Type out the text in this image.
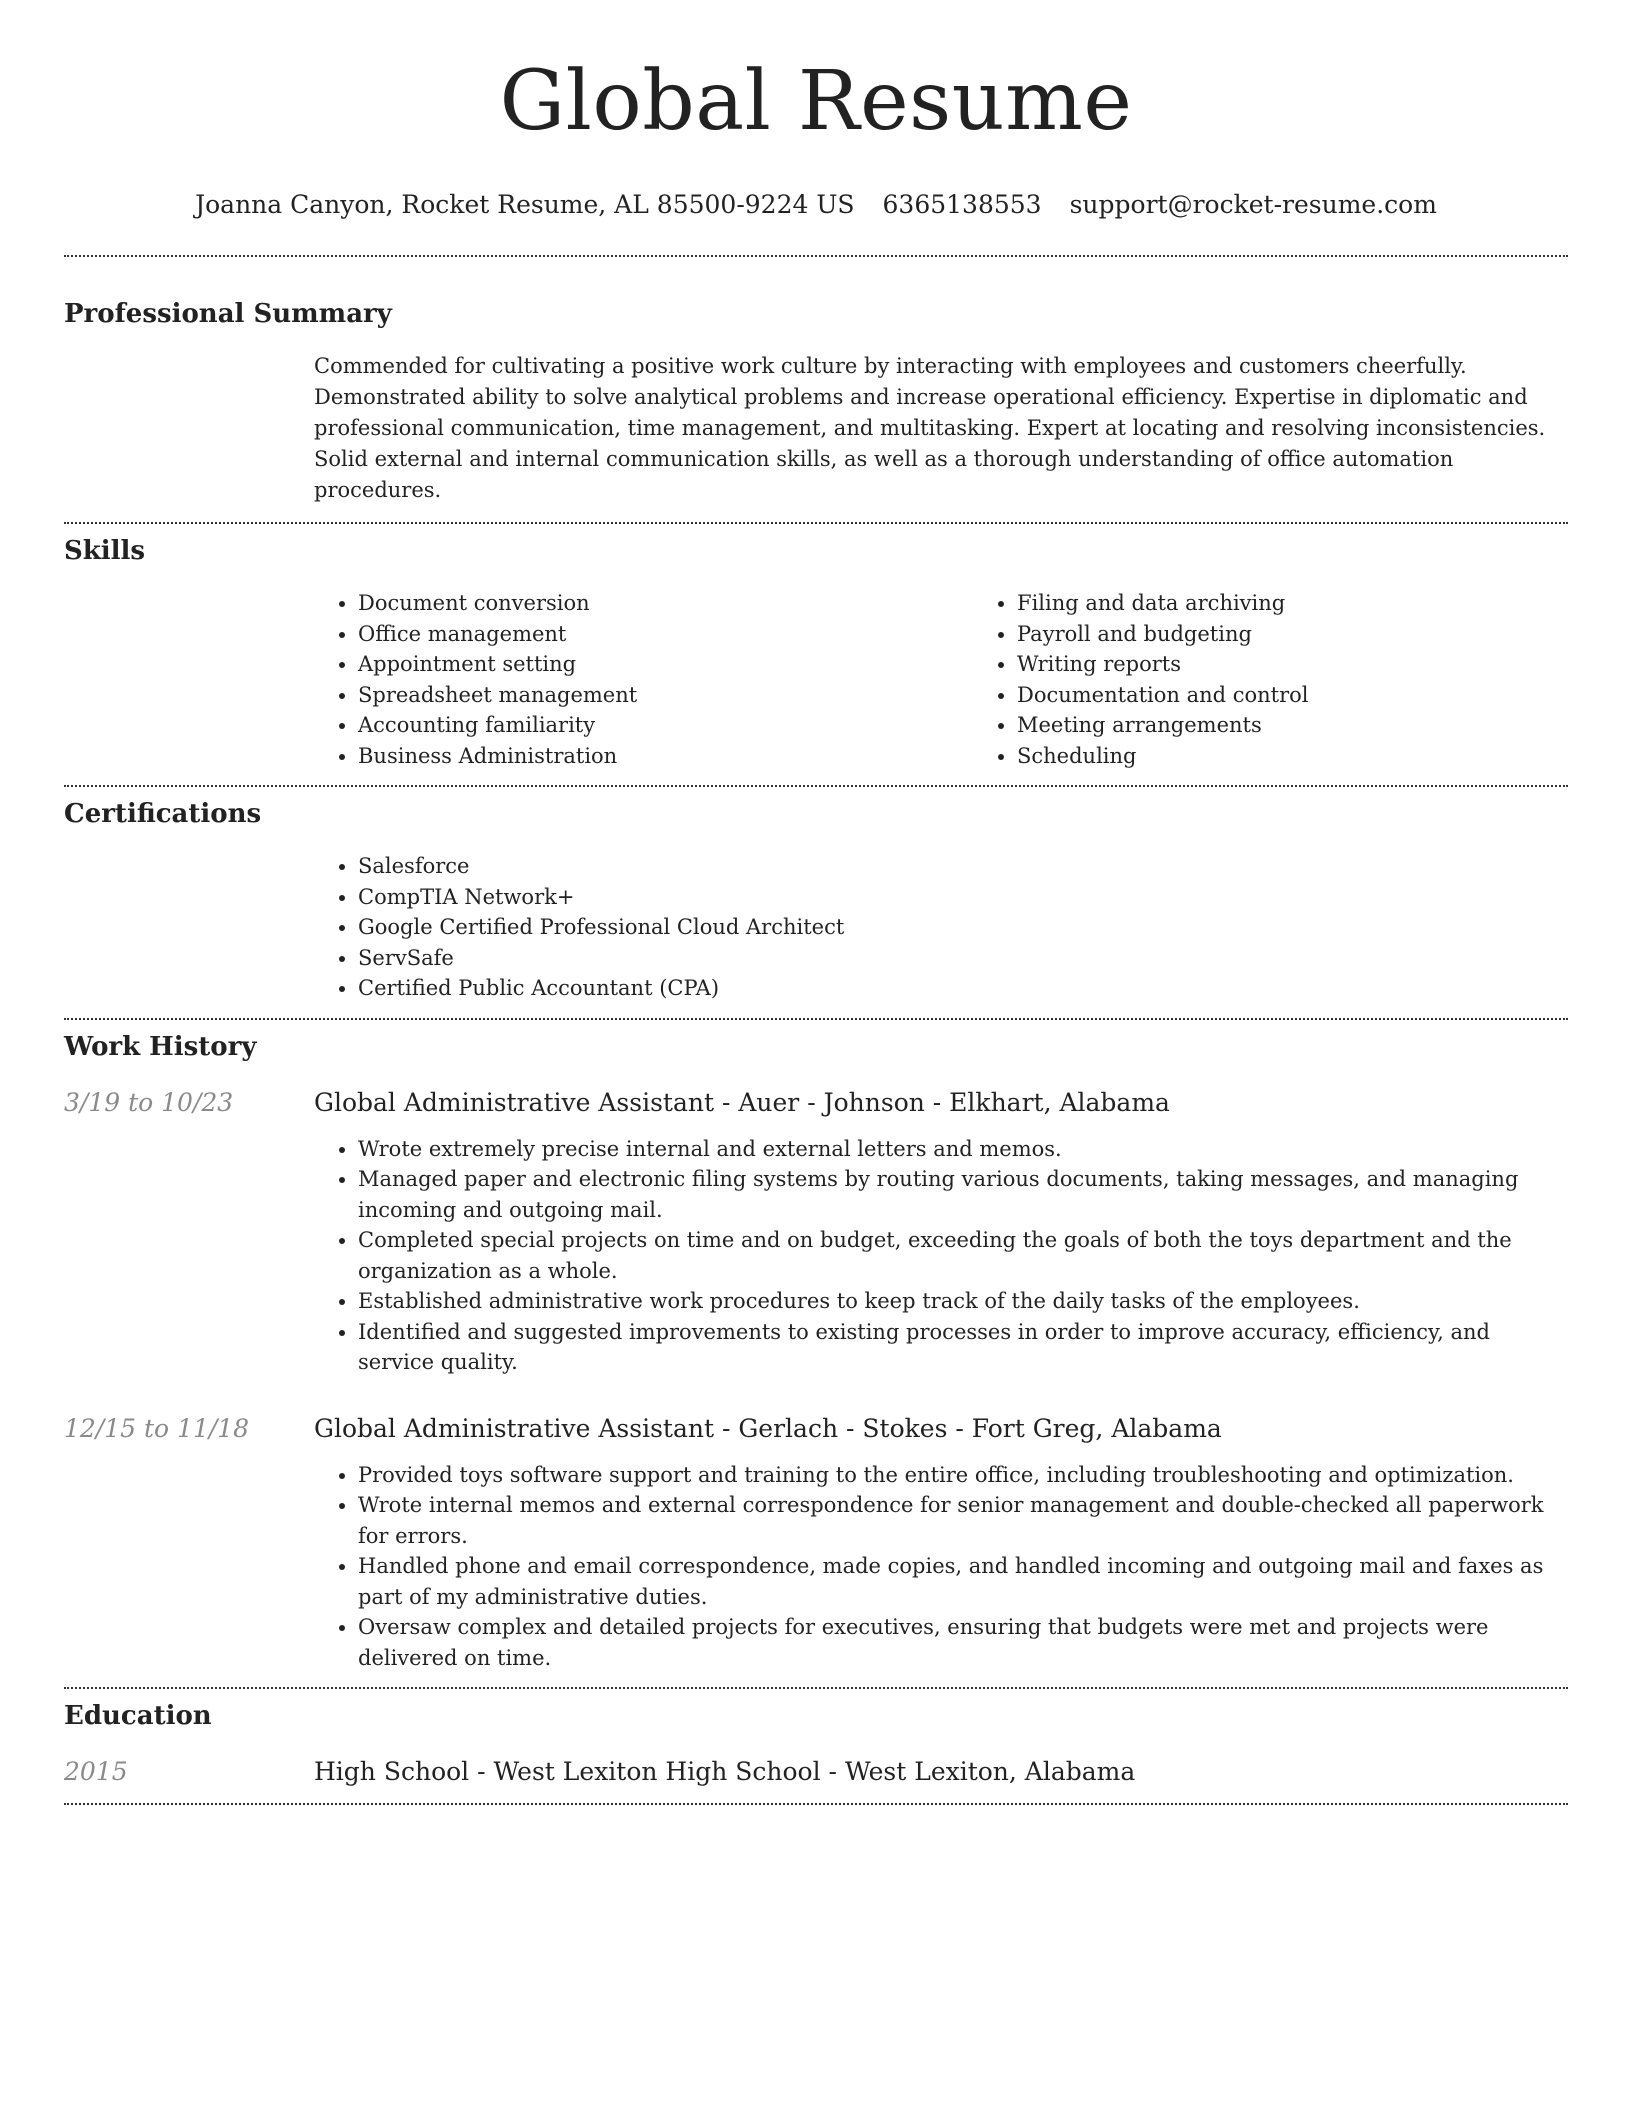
Global Resume
Joanna Canyon, Rocket Resume, AL 85500-9224 US 6365138553 support@rocket-resume.com
Professional Summary

Commended for cultivating a positive work culture by interacting with employees and customers cheerfully. Demonstrated ability to solve analytical problems and increase operational efficiency. Expertise in diplomatic and professional communication, time management, and multitasking. Expert at locating and resolving inconsistencies. Solid external and internal communication skills, as well as a thorough understanding of office automation procedures.

Skills
• Document conversion
• Office management
• Appointment setting
• Spreadsheet management
• Accounting familiarity
• Business Administration
• Filing and data archiving
• Payroll and budgeting
• Writing reports
• Documentation and control
• Meeting arrangements
• Scheduling
Certifications
• Salesforce
• CompTIA Network+
• Google Certified Professional Cloud Architect
• ServSafe
• Certified Public Accountant (CPA)
Work History
3/19 to 10/23	Global Administrative Assistant - Auer - Johnson - Elkhart, Alabama
• Wrote extremely precise internal and external letters and memos.
• Managed paper and electronic filing systems by routing various documents, taking messages, and managing incoming and outgoing mail.
• Completed special projects on time and on budget, exceeding the goals of both the toys department and the organization as a whole.
• Established administrative work procedures to keep track of the daily tasks of the employees.
• Identified and suggested improvements to existing processes in order to improve accuracy, efficiency, and service quality.
12/15 to 11/18	Global Administrative Assistant - Gerlach - Stokes - Fort Greg, Alabama
• Provided toys software support and training to the entire office, including troubleshooting and optimization.
• Wrote internal memos and external correspondence for senior management and double-checked all paperwork for errors.
• Handled phone and email correspondence, made copies, and handled incoming and outgoing mail and faxes as part of my administrative duties.
• Oversaw complex and detailed projects for executives, ensuring that budgets were met and projects were delivered on time.
Education
2015	High School - West Lexiton High School - West Lexiton, Alabama
